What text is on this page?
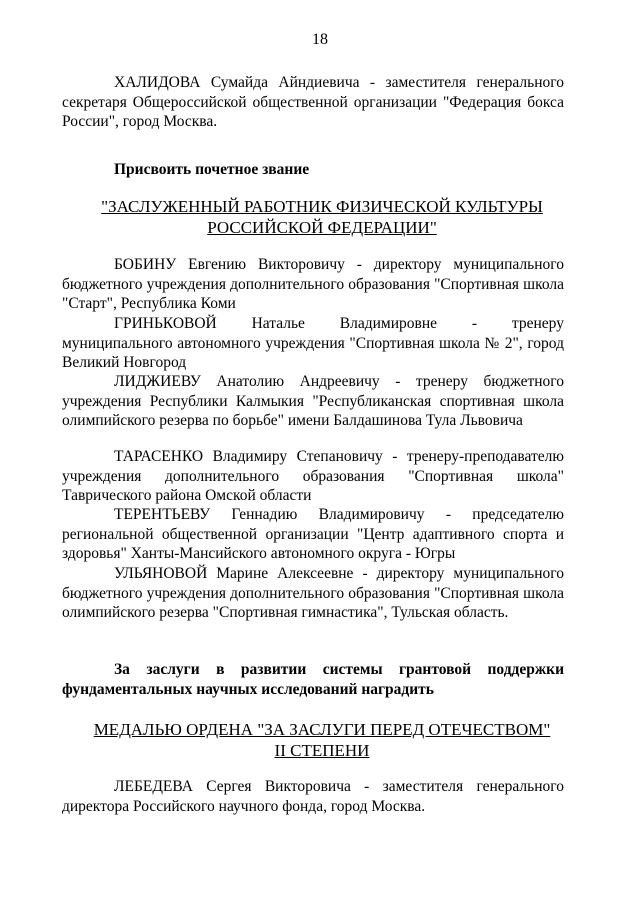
18

ХАЛИДОВА Сумайда Айндиевича - заместителя генерального секретаря Общероссийской общественной организации "Федерация бокса России", город Москва.

Присвоить почетное звание

"ЗАСЛУЖЕННЫЙ РАБОТНИК ФИЗИЧЕСКОЙ КУЛЬТУРЫ
РОССИЙСКОЙ ФЕДЕРАЦИИ"

БОБИНУ Евгению Викторовичу - директору муниципального бюджетного учреждения дополнительного образования "Спортивная школа "Старт", Республика Коми

ГРИНЬКОВОЙ Наталье Владимировне - тренеру

муниципального автономного учреждения "Спортивная школа № 2", город Великий Новгород

ЛИДЖИЕВУ Анатолию Андреевичу - тренеру бюджетного учреждения Республики Калмыкия "Республиканская спортивная школа олимпийского резерва по борьбе" имени Балдашинова Тула Львовича

ТАРАСЕНКО Владимиру Степановичу - тренеру-преподавателю учреждения дополнительного образования "Спортивная школа" Таврического района Омской области

ТЕРЕНТЬЕВУ Геннадию Владимировичу - председателю региональной общественной организации "Центр адаптивного спорта и здоровья" Ханты-Мансийского автономного округа - Югры

УЛЬЯНОВОЙ Марине Алексеевне - директору муниципального бюджетного учреждения дополнительного образования "Спортивная школа олимпийского резерва "Спортивная гимнастика", Тульская область.

За заслуги в развитии системы грантовой поддержки фундаментальных научных исследований наградить

МЕДАЛЬЮ ОРДЕНА "ЗА ЗАСЛУГИ ПЕРЕД ОТЕЧЕСТВОМ"
II СТЕПЕНИ

ЛЕБЕДЕВА Сергея Викторовича - заместителя генерального директора Российского научного фонда, город Москва.
